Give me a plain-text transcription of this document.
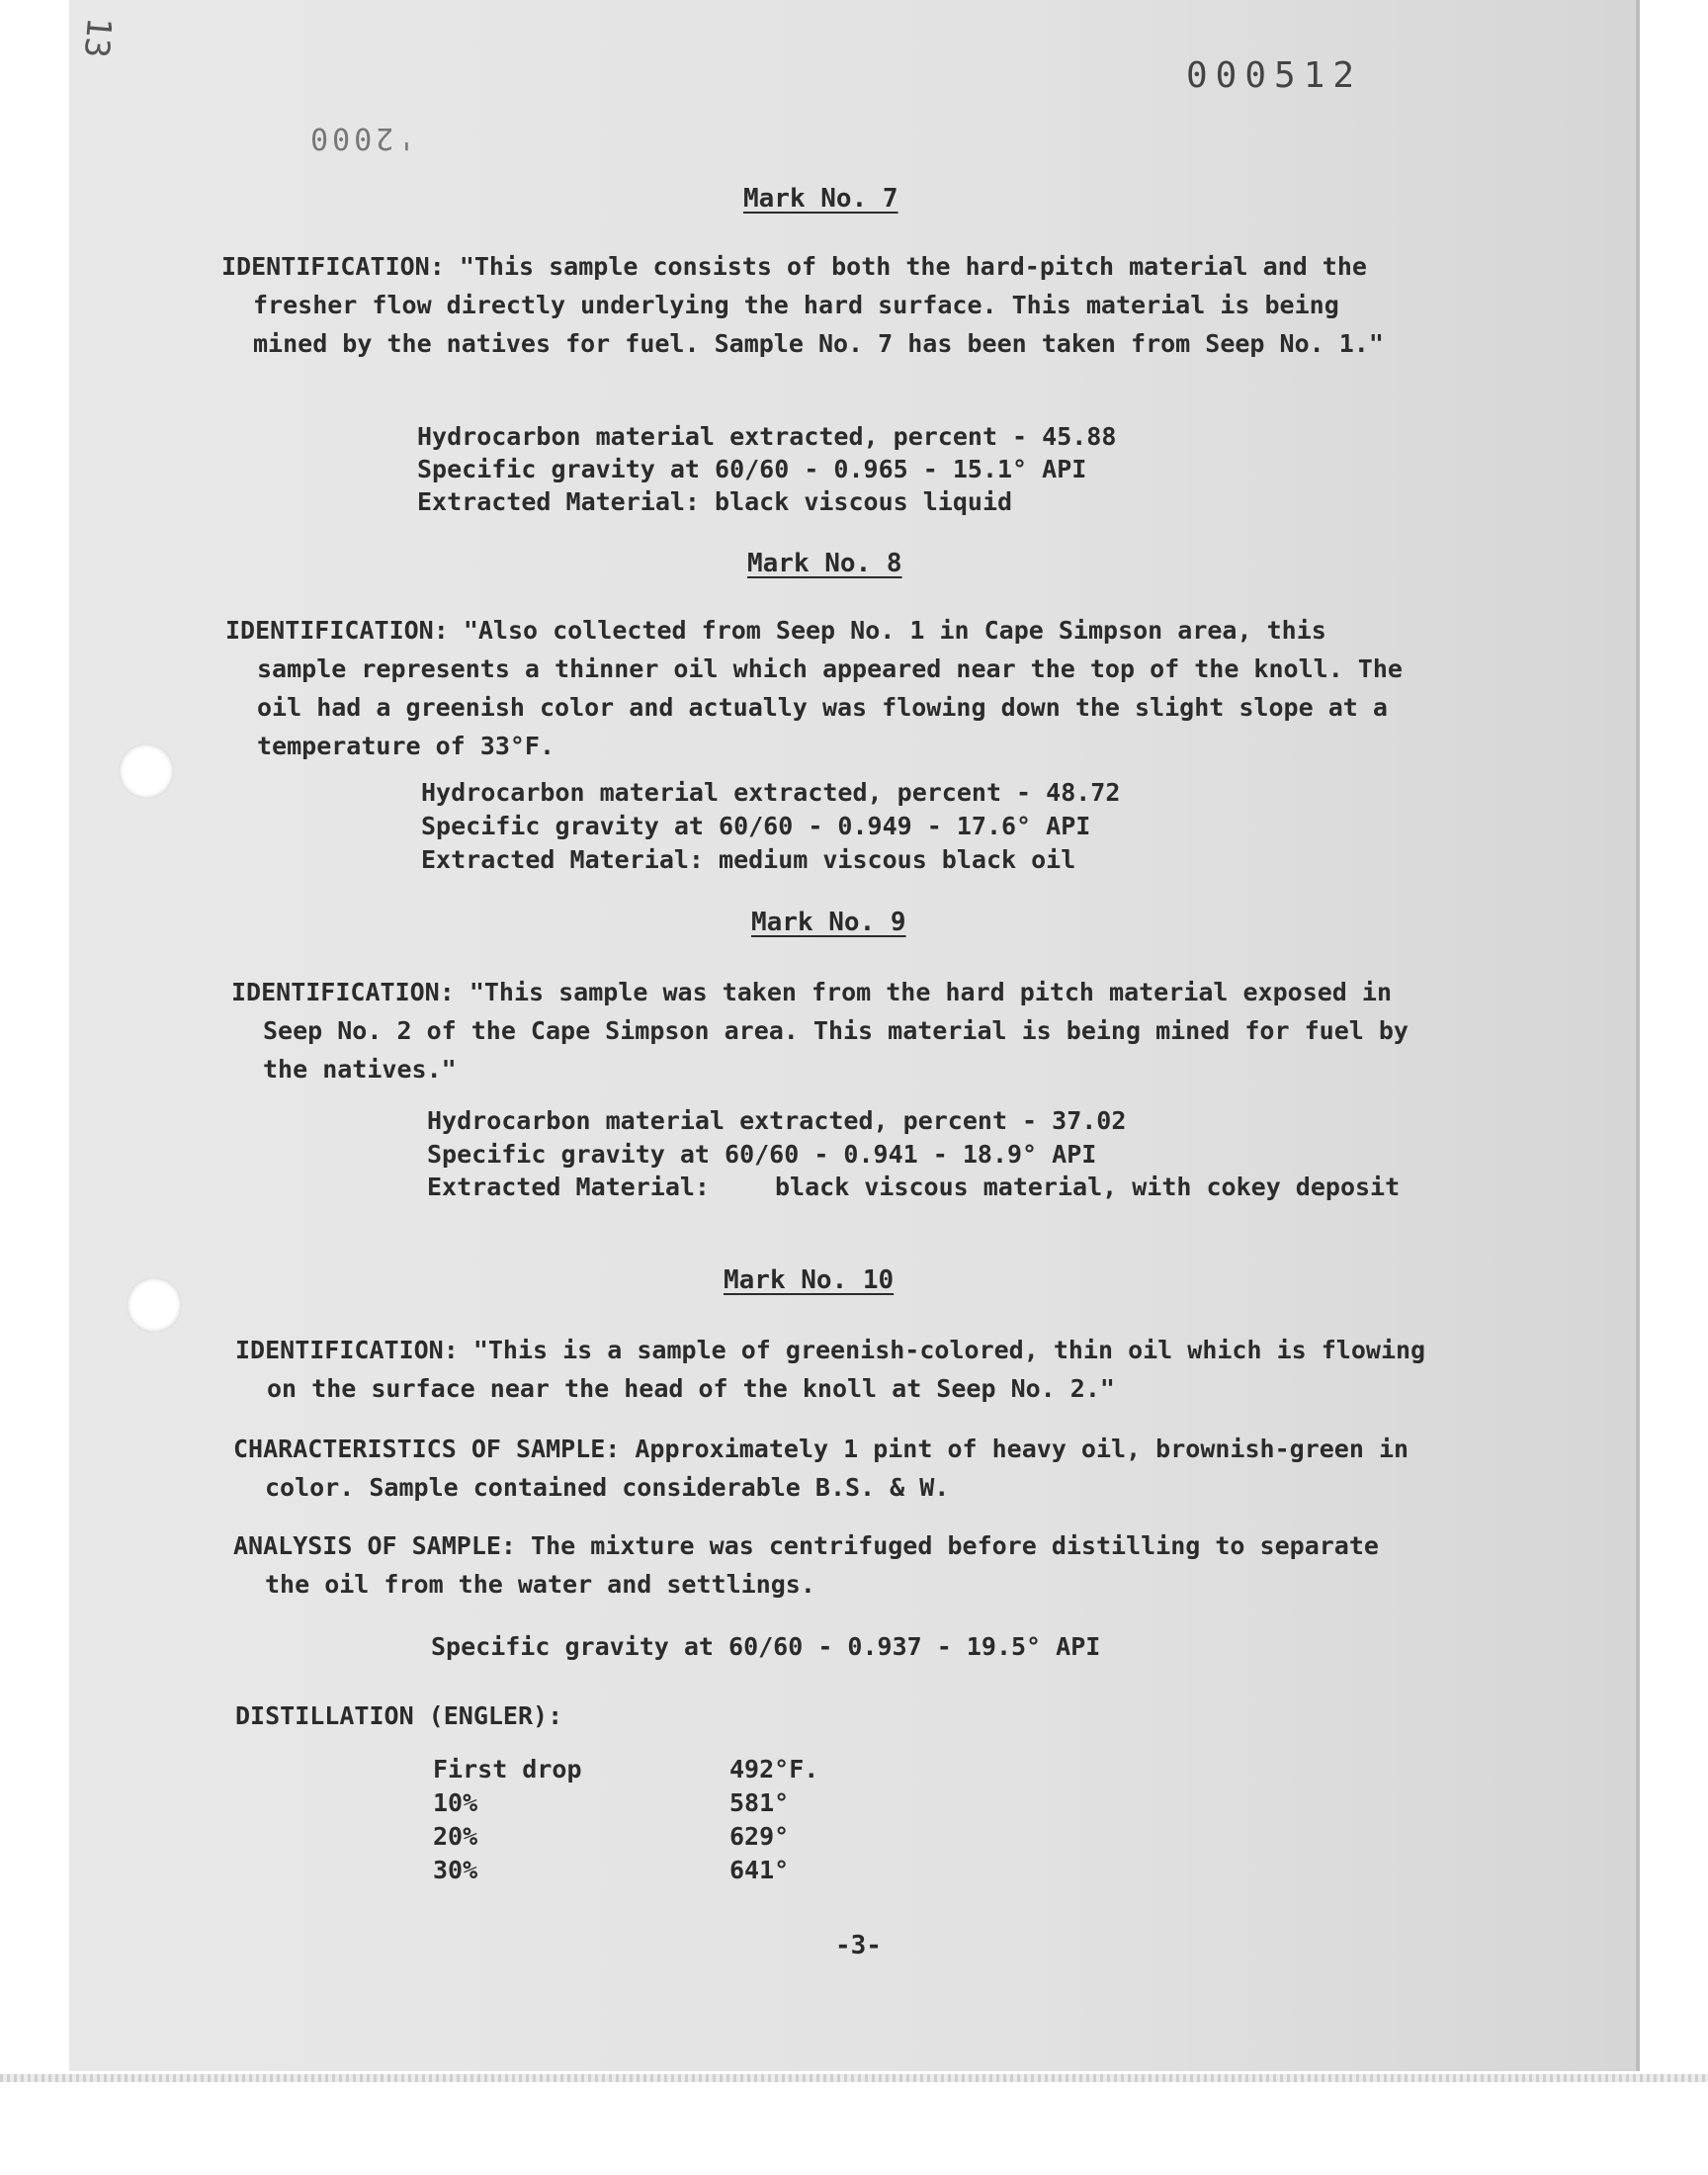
13
000512
'2000
Mark No. 7
IDENTIFICATION: "This sample consists of both the hard-pitch material and the fresher flow directly underlying the hard surface. This material is being mined by the natives for fuel. Sample No. 7 has been taken from Seep No. 1."
Hydrocarbon material extracted, percent - 45.88
Specific gravity at 60/60 - 0.965 - 15.1° API
Extracted Material: black viscous liquid
Mark No. 8
IDENTIFICATION: "Also collected from Seep No. 1 in Cape Simpson area, this sample represents a thinner oil which appeared near the top of the knoll. The oil had a greenish color and actually was flowing down the slight slope at a temperature of 33°F.
Hydrocarbon material extracted, percent - 48.72
Specific gravity at 60/60 - 0.949 - 17.6° API
Extracted Material: medium viscous black oil
Mark No. 9
IDENTIFICATION: "This sample was taken from the hard pitch material exposed in Seep No. 2 of the Cape Simpson area. This material is being mined for fuel by the natives."
Hydrocarbon material extracted, percent - 37.02
Specific gravity at 60/60 - 0.941 - 18.9° API
Extracted Material:	black viscous material, with cokey deposit
Mark No. 10
IDENTIFICATION: "This is a sample of greenish-colored, thin oil which is flowing on the surface near the head of the knoll at Seep No. 2."
CHARACTERISTICS OF SAMPLE: Approximately 1 pint of heavy oil, brownish-green in color. Sample contained considerable B.S. & W.
ANALYSIS OF SAMPLE: The mixture was centrifuged before distilling to separate the oil from the water and settlings.
Specific gravity at 60/60 - 0.937 - 19.5° API
DISTILLATION (ENGLER):
First drop	492°F.
10%	581°
20%	629°
30%	641°
-3-
